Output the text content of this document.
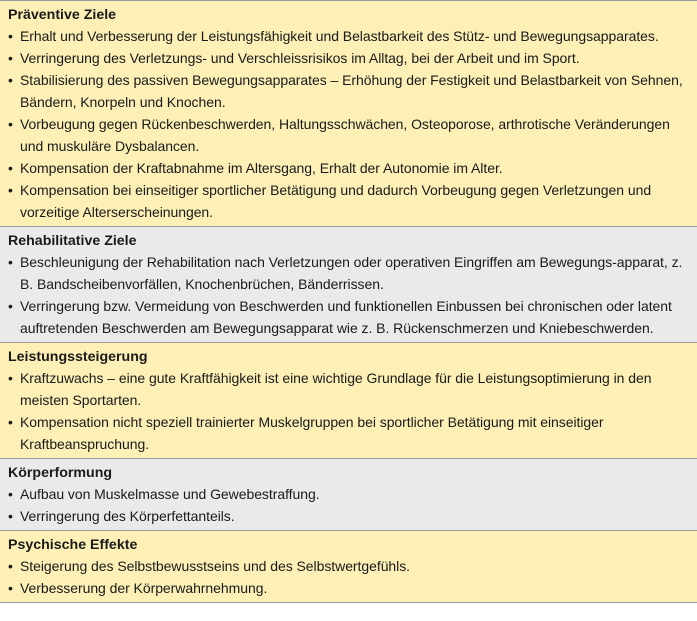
Präventive Ziele
• Erhalt und Verbesserung der Leistungsfähigkeit und Belastbarkeit des Stütz- und Bewegungsapparates.
• Verringerung des Verletzungs- und Verschleissrisikos im Alltag, bei der Arbeit und im Sport.
• Stabilisierung des passiven Bewegungsapparates – Erhöhung der Festigkeit und Belastbarkeit von Sehnen, Bändern, Knorpeln und Knochen.
• Vorbeugung gegen Rückenbeschwerden, Haltungsschwächen, Osteoporose, arthrotische Veränderungen und muskuläre Dysbalancen.
• Kompensation der Kraftabnahme im Altersgang, Erhalt der Autonomie im Alter.
• Kompensation bei einseitiger sportlicher Betätigung und dadurch Vorbeugung gegen Verletzungen und vorzeitige Alterserscheinungen.
Rehabilitative Ziele
• Beschleunigung der Rehabilitation nach Verletzungen oder operativen Eingriffen am Bewegungs-apparat, z. B. Bandscheibenvorfällen, Knochenbrüchen, Bänderrissen.
• Verringerung bzw. Vermeidung von Beschwerden und funktionellen Einbussen bei chronischen oder latent auftretenden Beschwerden am Bewegungsapparat wie z. B. Rückenschmerzen und Kniebeschwerden.
Leistungssteigerung
• Kraftzuwachs – eine gute Kraftfähigkeit ist eine wichtige Grundlage für die Leistungsoptimierung in den meisten Sportarten.
• Kompensation nicht speziell trainierter Muskelgruppen bei sportlicher Betätigung mit einseitiger Kraftbeanspruchung.
Körperformung
• Aufbau von Muskelmasse und Gewebestraffung.
• Verringerung des Körperfettanteils.
Psychische Effekte
• Steigerung des Selbstbewusstseins und des Selbstwertgefühls.
• Verbesserung der Körperwahrnehmung.
